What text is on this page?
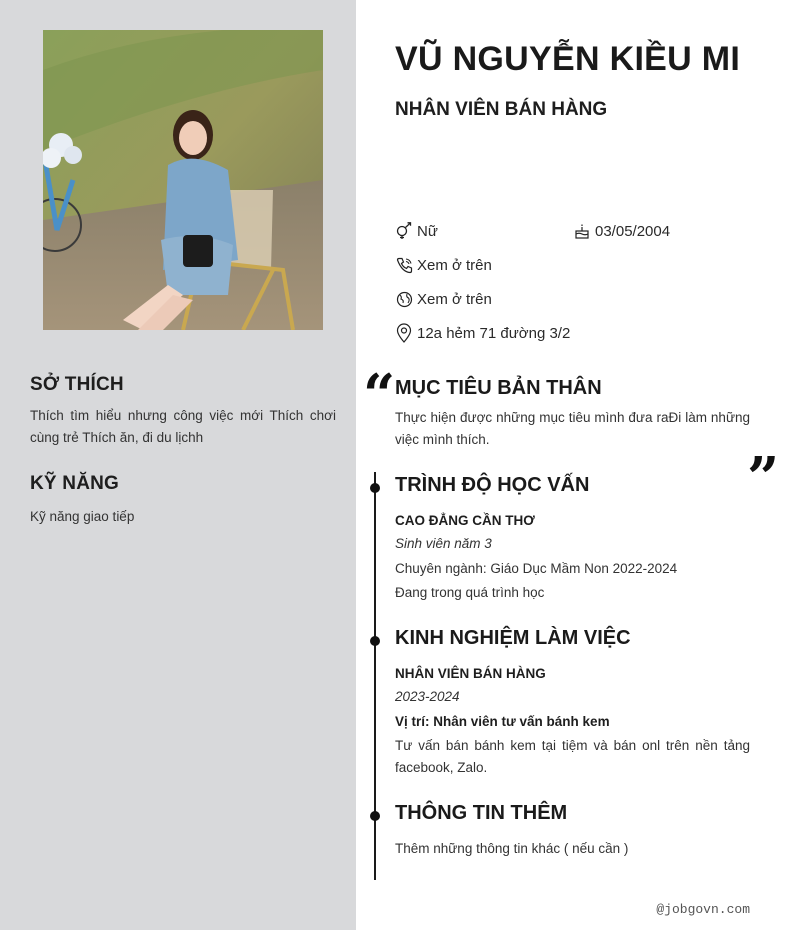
SỞ THÍCH
Thích tìm hiểu nhưng công việc mới Thích chơi cùng trẻ Thích ăn, đi du lịchh
KỸ NĂNG
Kỹ năng giao tiếp
VŨ NGUYỄN KIỀU MI
NHÂN VIÊN BÁN HÀNG
Nữ	03/05/2004
Xem ở trên
Xem ở trên
12a hẻm 71 đường 3/2
“ MỤC TIÊU BẢN THÂN
Thực hiện được những mục tiêu mình đưa raĐi làm những việc mình thích.
”
TRÌNH ĐỘ HỌC VẤN
CAO ĐẲNG CẦN THƠ
Sinh viên năm 3
Chuyên ngành: Giáo Dục Mầm Non 2022-2024
Đang trong quá trình học
KINH NGHIỆM LÀM VIỆC
NHÂN VIÊN BÁN HÀNG
2023-2024
Vị trí: Nhân viên tư vấn bánh kem
Tư vấn bán bánh kem tại tiệm và bán onl trên nền tảng facebook, Zalo.
THÔNG TIN THÊM
Thêm những thông tin khác ( nếu cần )
@jobgovn.com
